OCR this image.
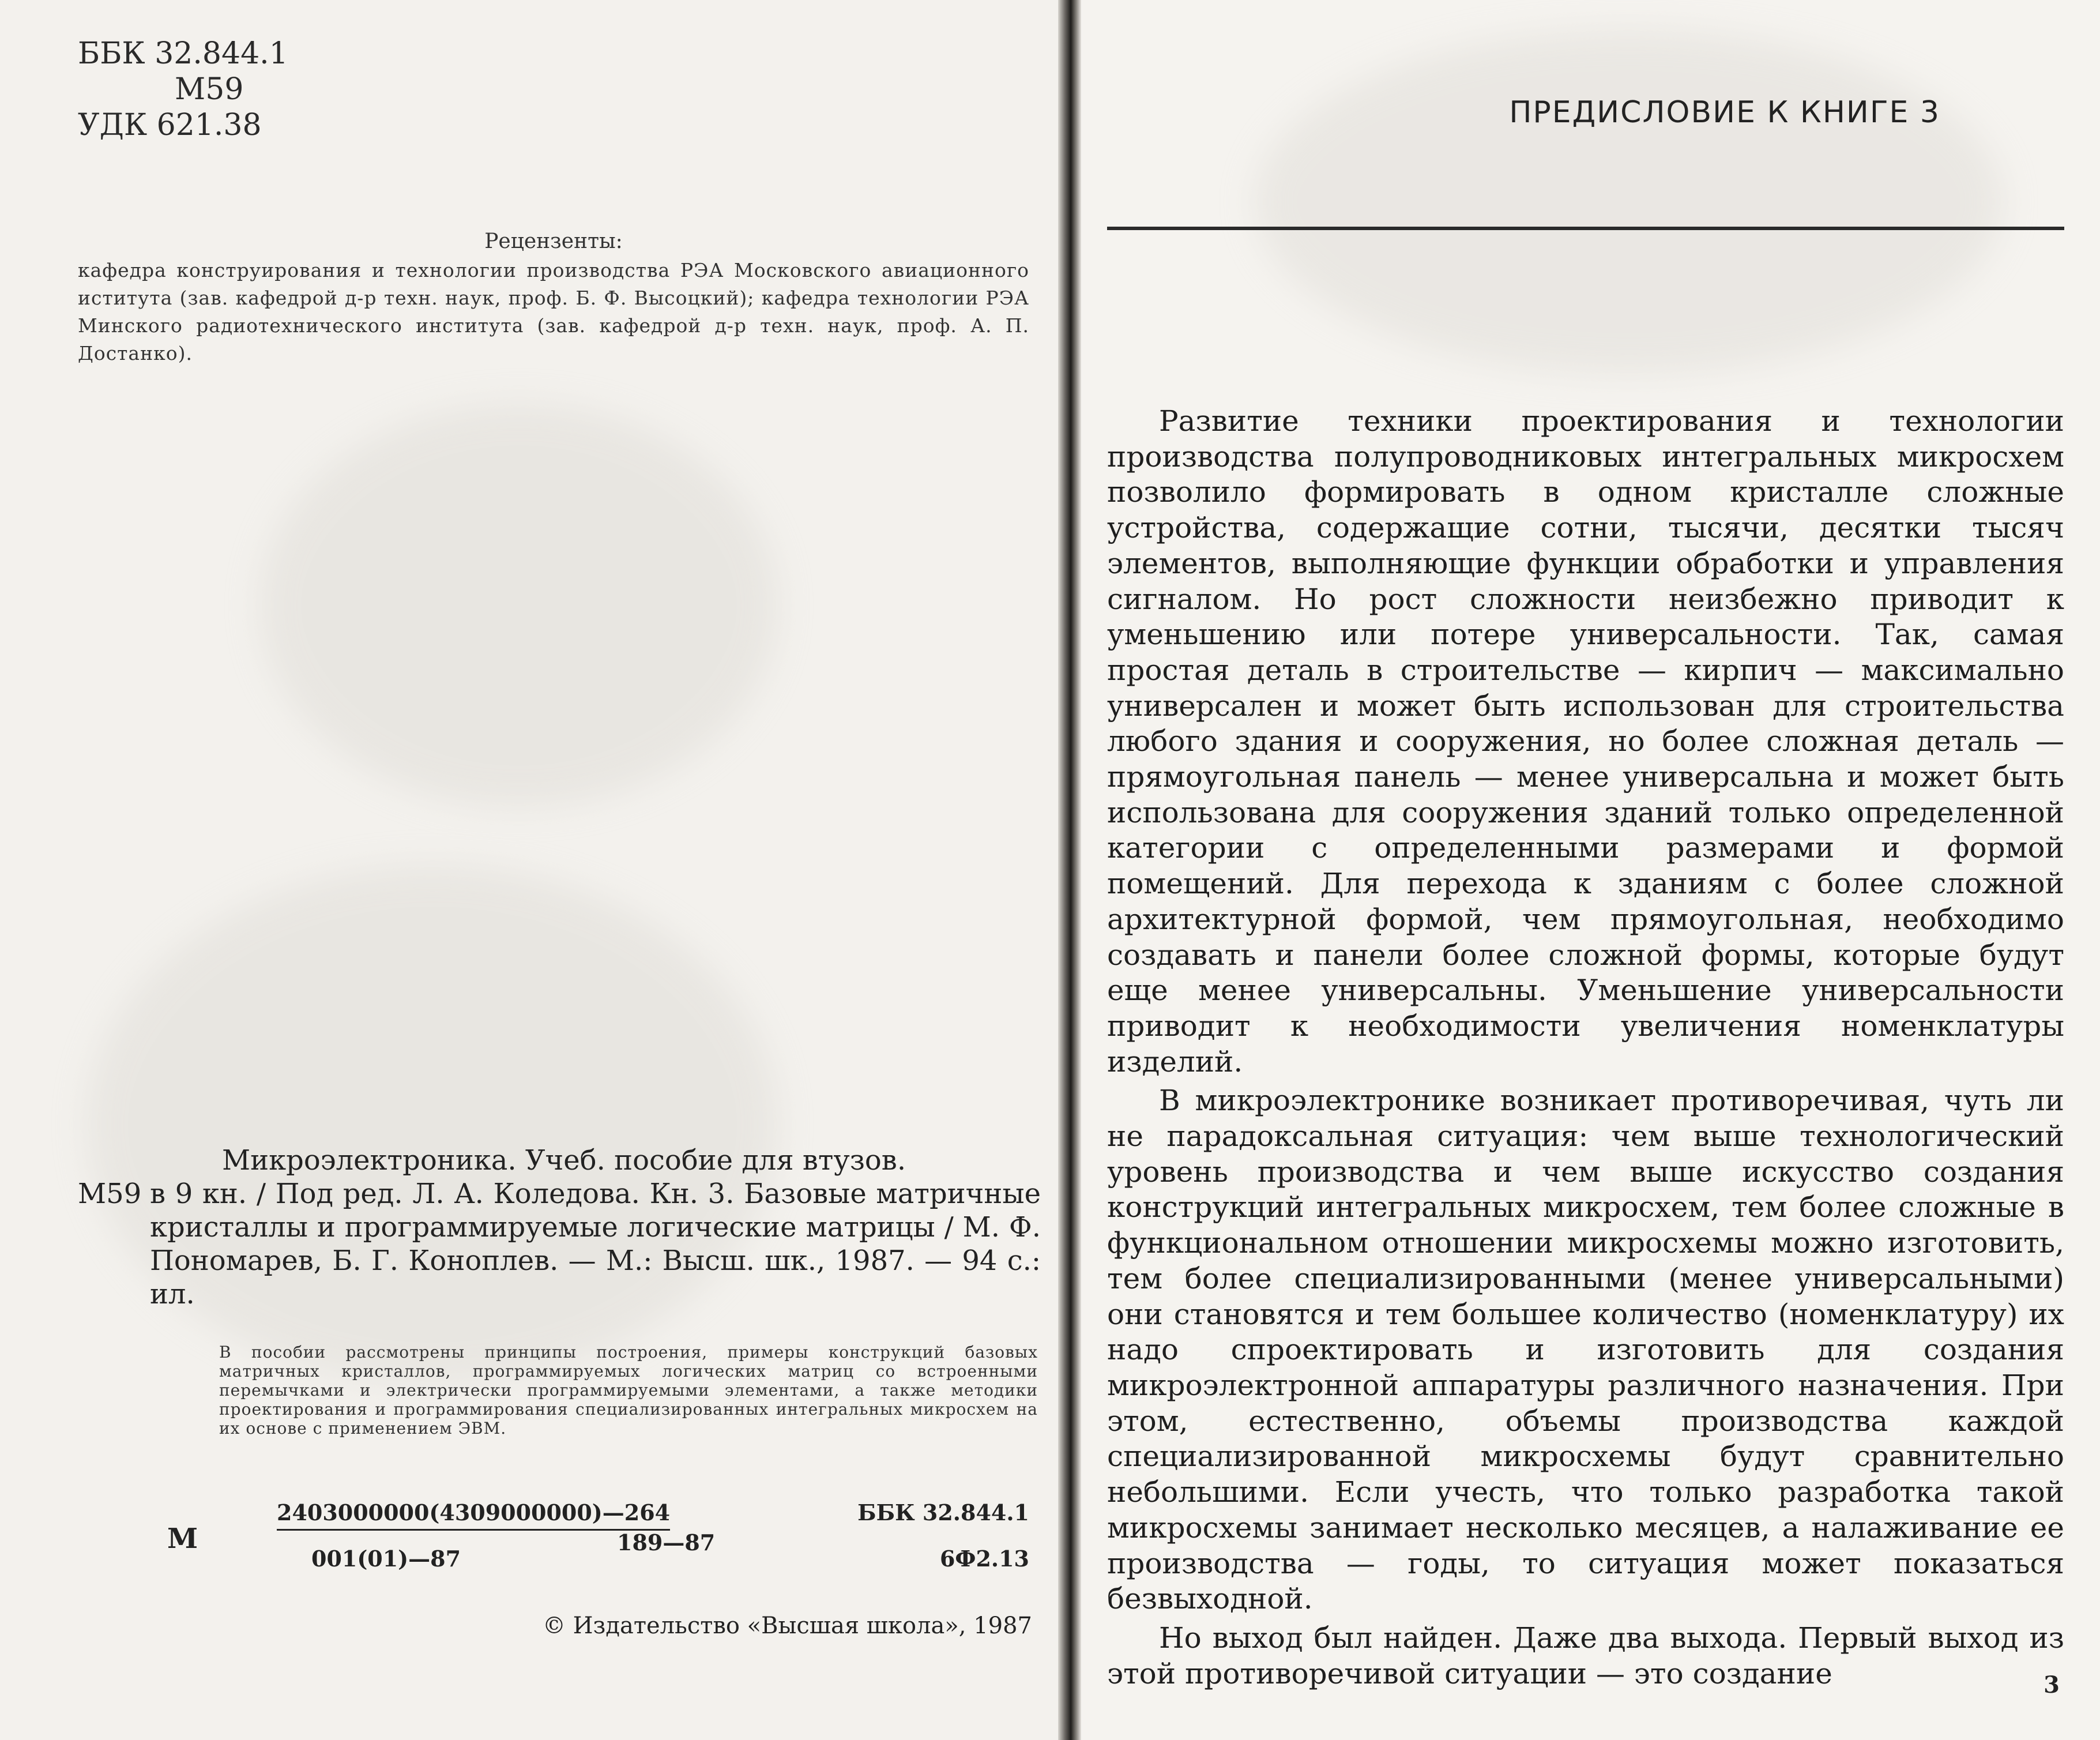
ББК 32.844.1
М59
УДК 621.38
Рецензенты:
кафедра конструирования и технологии производства РЭА Московского авиационного иститута (зав. кафедрой д-р техн. наук, проф. Б. Ф. Высоцкий); кафедра технологии РЭА Минского радиотехнического института (зав. кафедрой д-р техн. наук, проф. А. П. Достанко).
Микроэлектроника. Учеб. пособие для втузов.
М59 в 9 кн. / Под ред. Л. А. Коледова. Кн. 3. Базовые матричные кристаллы и программируемые логические матрицы / М. Ф. Пономарев, Б. Г. Коноплев. — М.: Высш. шк., 1987. — 94 с.: ил.
В пособии рассмотрены принципы построения, примеры конструкций базовых матричных кристаллов, программируемых логических матриц со встроенными перемычками и электрически программируемыми элементами, а также методики проектирования и программирования специализированных интегральных микросхем на их основе с применением ЭВМ.
М
2403000000(4309000000)—264
001(01)—87
189—87
ББК 32.844.1
6Ф2.13
© Издательство «Высшая школа», 1987
ПРЕДИСЛОВИЕ К КНИГЕ 3

Развитие техники проектирования и технологии производства полупроводниковых интегральных микросхем позволило формировать в одном кристалле сложные устройства, содержащие сотни, тысячи, десятки тысяч элементов, выполняющие функции обработки и управления сигналом. Но рост сложности неизбежно приводит к уменьшению или потере универсальности. Так, самая простая деталь в строительстве — кирпич — максимально универсален и может быть использован для строительства любого здания и сооружения, но более сложная деталь — прямоугольная панель — менее универсальна и может быть использована для сооружения зданий только определенной категории с определенными размерами и формой помещений. Для перехода к зданиям с более сложной архитектурной формой, чем прямоугольная, необходимо создавать и панели более сложной формы, которые будут еще менее универсальны. Уменьшение универсальности приводит к необходимости увеличения номенклатуры изделий.

В микроэлектронике возникает противоречивая, чуть ли не парадоксальная ситуация: чем выше технологический уровень производства и чем выше искусство создания конструкций интегральных микросхем, тем более сложные в функциональном отношении микросхемы можно изготовить, тем более специализированными (менее универсальными) они становятся и тем большее количество (номенклатуру) их надо спроектировать и изготовить для создания микроэлектронной аппаратуры различного назначения. При этом, естественно, объемы производства каждой специализированной микросхемы будут сравнительно небольшими. Если учесть, что только разработка такой микросхемы занимает несколько месяцев, а налаживание ее производства — годы, то ситуация может показаться безвыходной.

Но выход был найден. Даже два выхода. Первый выход из этой противоречивой ситуации — это создание	3
